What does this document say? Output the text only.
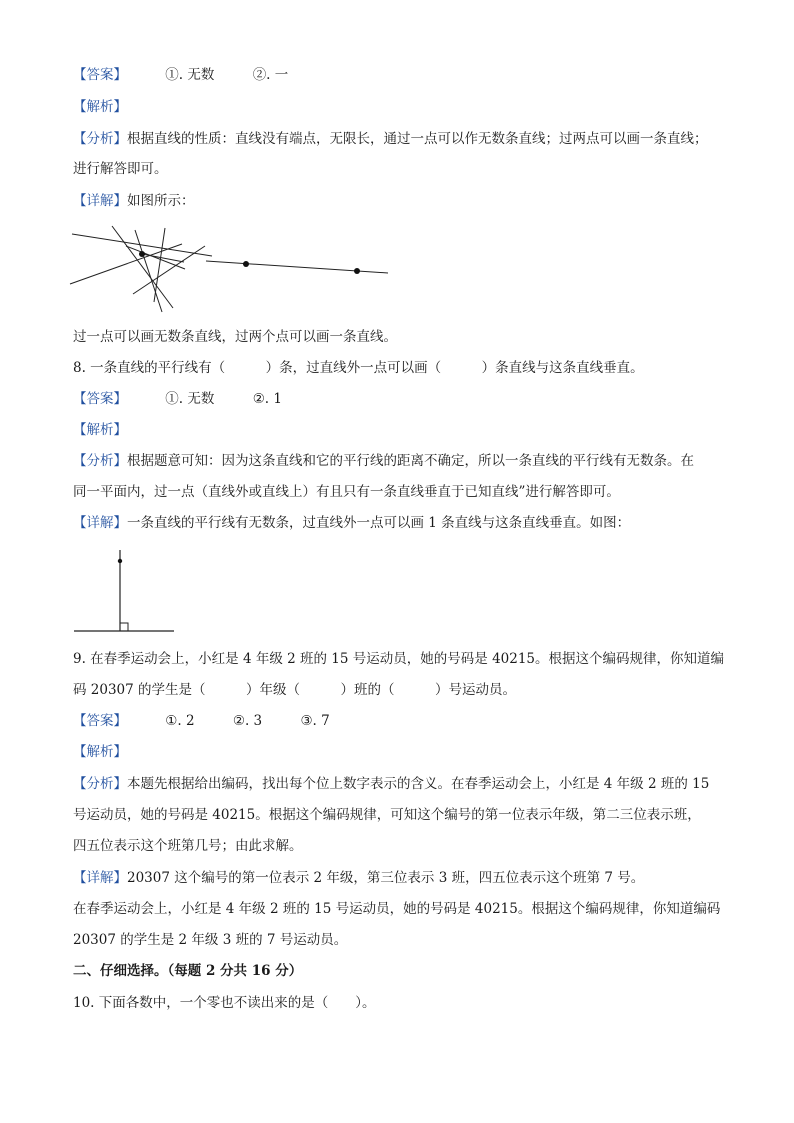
【答案】	①. 无数	②. 一

【解析】

【分析】根据直线的性质：直线没有端点，无限长，通过一点可以作无数条直线；过两点可以画一条直线；

进行解答即可。

【详解】如图所示：

过一点可以画无数条直线，过两个点可以画一条直线。

8. 一条直线的平行线有（　　　）条，过直线外一点可以画（　　　）条直线与这条直线垂直。

【答案】	①. 无数	②. 1

【解析】

【分析】根据题意可知：因为这条直线和它的平行线的距离不确定，所以一条直线的平行线有无数条。在

同一平面内，过一点（直线外或直线上）有且只有一条直线垂直于已知直线”进行解答即可。

【详解】一条直线的平行线有无数条，过直线外一点可以画 1 条直线与这条直线垂直。如图：

9. 在春季运动会上，小红是 4 年级 2 班的 15 号运动员，她的号码是 40215。根据这个编码规律，你知道编

码 20307 的学生是（　　　）年级（　　　）班的（　　　）号运动员。

【答案】	①. 2	②. 3	③. 7

【解析】

【分析】本题先根据给出编码，找出每个位上数字表示的含义。在春季运动会上，小红是 4 年级 2 班的 15

号运动员，她的号码是 40215。根据这个编码规律，可知这个编号的第一位表示年级，第二三位表示班，

四五位表示这个班第几号；由此求解。

【详解】20307 这个编号的第一位表示 2 年级，第三位表示 3 班，四五位表示这个班第 7 号。

在春季运动会上，小红是 4 年级 2 班的 15 号运动员，她的号码是 40215。根据这个编码规律，你知道编码

20307 的学生是 2 年级 3 班的 7 号运动员。

二、仔细选择。（每题 2 分共 16 分）

10. 下面各数中，一个零也不读出来的是（　　）。
